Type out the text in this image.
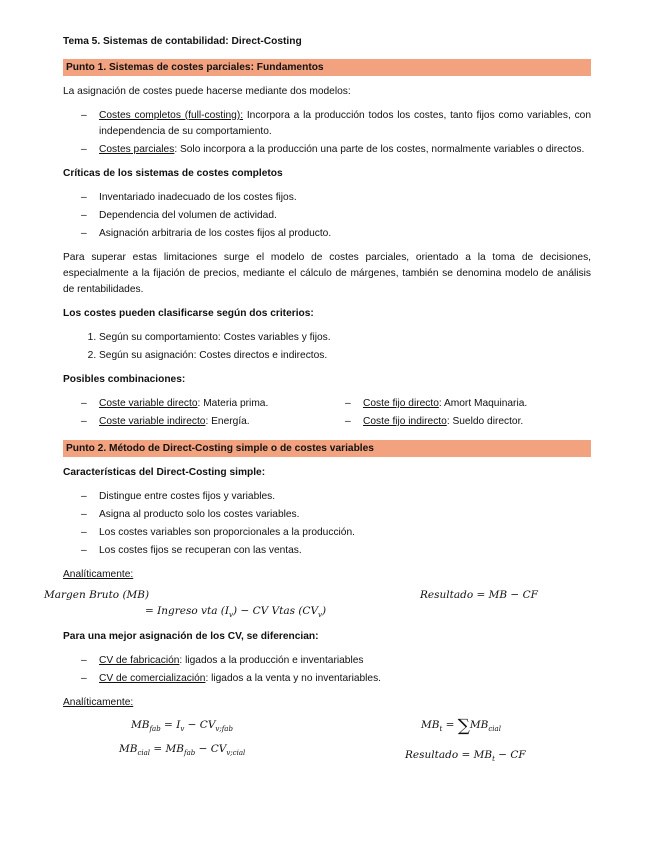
Tema 5. Sistemas de contabilidad: Direct-Costing
Punto 1. Sistemas de costes parciales: Fundamentos

La asignación de costes puede hacerse mediante dos modelos:

– Costes completos (full-costing): Incorpora a la producción todos los costes, tanto fijos como variables, con independencia de su comportamiento.
– Costes parciales: Solo incorpora a la producción una parte de los costes, normalmente variables o directos.

Críticas de los sistemas de costes completos

– Inventariado inadecuado de los costes fijos.
– Dependencia del volumen de actividad.
– Asignación arbitraria de los costes fijos al producto.

Para superar estas limitaciones surge el modelo de costes parciales, orientado a la toma de decisiones, especialmente a la fijación de precios, mediante el cálculo de márgenes, también se denomina modelo de análisis de rentabilidades.

Los costes pueden clasificarse según dos criterios:

1. Según su comportamiento: Costes variables y fijos.
2. Según su asignación: Costes directos e indirectos.

Posibles combinaciones:

– Coste variable directo: Materia prima.
– Coste variable indirecto: Energía.
– Coste fijo directo: Amort Maquinaria.
– Coste fijo indirecto: Sueldo director.
Punto 2. Método de Direct-Costing simple o de costes variables

Características del Direct-Costing simple:

– Distingue entre costes fijos y variables.
– Asigna al producto solo los costes variables.
– Los costes variables son proporcionales a la producción.
– Los costes fijos se recuperan con las ventas.

Analíticamente:

Margen Bruto (MB)
= Ingreso vta $(I_v)$ − CV Vtas $(CV_v)$
Resultado = MB − CF

Para una mejor asignación de los CV, se diferencian:

– CV de fabricación: ligados a la producción e inventariables
– CV de comercialización: ligados a la venta y no inventariables.

Analíticamente:

$MB_{fab} = I_v - CV_{v;fab}$
$MB_{cial} = MB_{fab} - CV_{v;cial}$
$MB_t = \sum MB_{cial}$
Resultado = $MB_t$ − CF
